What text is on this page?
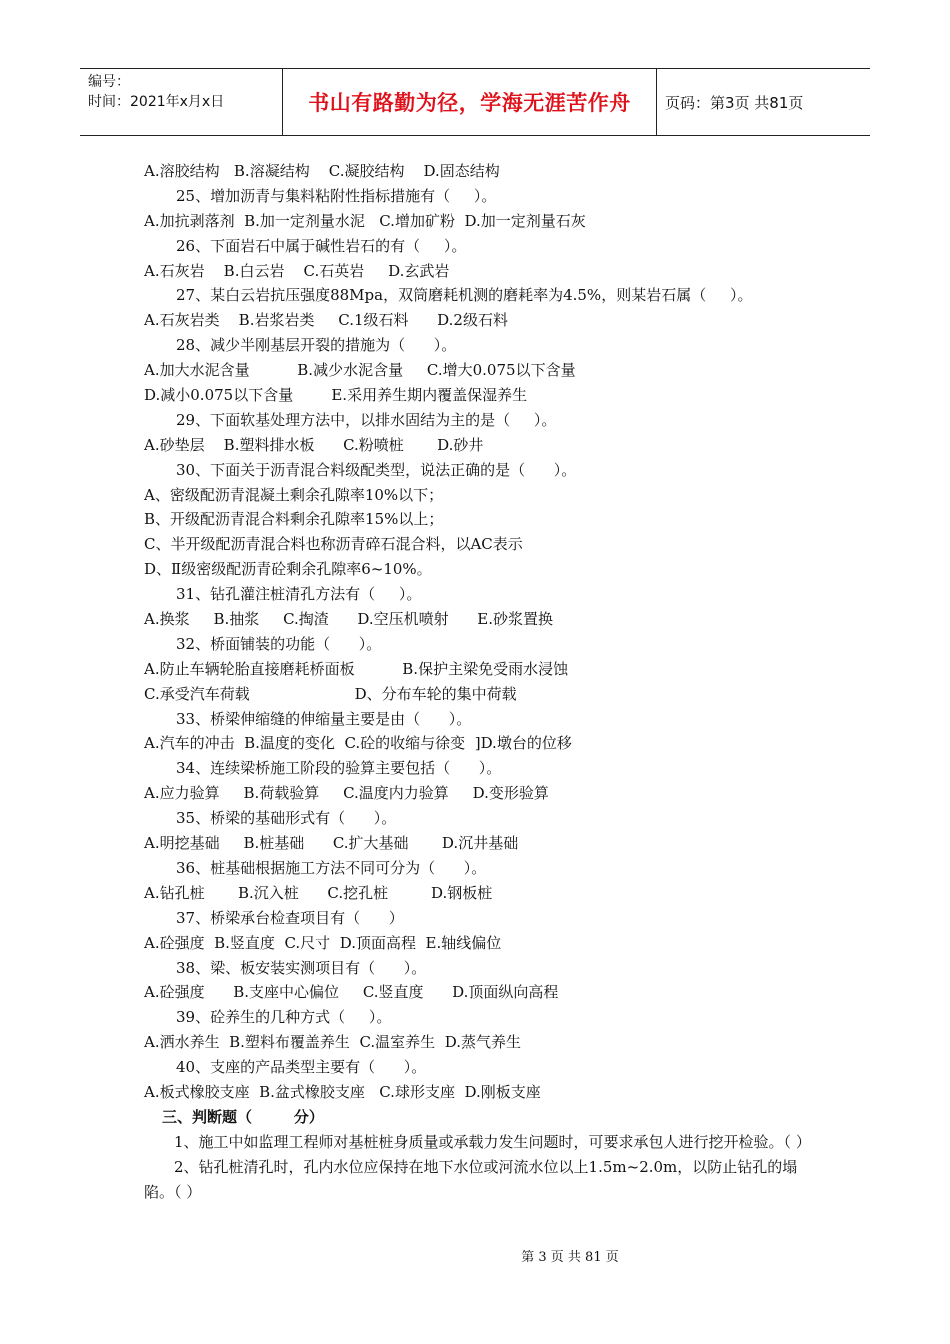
编号：
时间：2021年x月x日	书山有路勤为径，学海无涯苦作舟	页码：第3页 共81页
A.溶胶结构   B.溶凝结构    C.凝胶结构    D.固态结构
25、增加沥青与集料粘附性指标措施有（     ）。
A.加抗剥落剂  B.加一定剂量水泥   C.增加矿粉  D.加一定剂量石灰
26、下面岩石中属于碱性岩石的有（     ）。
A.石灰岩    B.白云岩    C.石英岩     D.玄武岩
27、某白云岩抗压强度88Mpa，双筒磨耗机测的磨耗率为4.5%，则某岩石属（     ）。
A.石灰岩类    B.岩浆岩类     C.1级石料      D.2级石料
28、减少半刚基层开裂的措施为（      ）。
A.加大水泥含量          B.减少水泥含量     C.增大0.075以下含量
D.减小0.075以下含量        E.采用养生期内覆盖保湿养生
29、下面软基处理方法中，以排水固结为主的是（     ）。
A.砂垫层    B.塑料排水板      C.粉喷桩       D.砂井
30、下面关于沥青混合料级配类型，说法正确的是（      ）。
A、密级配沥青混凝土剩余孔隙率10%以下；
B、开级配沥青混合料剩余孔隙率15%以上；
C、半开级配沥青混合料也称沥青碎石混合料，以AC表示
D、Ⅱ级密级配沥青砼剩余孔隙率6~10%。
31、钻孔灌注桩清孔方法有（     ）。
A.换浆     B.抽浆     C.掏渣      D.空压机喷射      E.砂浆置换
32、桥面铺装的功能（      ）。
A.防止车辆轮胎直接磨耗桥面板          B.保护主梁免受雨水浸蚀
C.承受汽车荷载                      D、分布车轮的集中荷载
33、桥梁伸缩缝的伸缩量主要是由（      ）。
A.汽车的冲击  B.温度的变化  C.砼的收缩与徐变  ]D.墩台的位移
34、连续梁桥施工阶段的验算主要包括（      ）。
A.应力验算     B.荷载验算     C.温度内力验算     D.变形验算
35、桥梁的基础形式有（      ）。
A.明挖基础     B.桩基础      C.扩大基础       D.沉井基础
36、桩基础根据施工方法不同可分为（      ）。
A.钻孔桩       B.沉入桩      C.挖孔桩         D.钢板桩
37、桥梁承台检查项目有（      ）
A.砼强度  B.竖直度  C.尺寸  D.顶面高程  E.轴线偏位
38、梁、板安装实测项目有（      ）。
A.砼强度      B.支座中心偏位     C.竖直度      D.顶面纵向高程
39、砼养生的几种方式（     ）。
A.洒水养生  B.塑料布覆盖养生  C.温室养生  D.蒸气养生
40、支座的产品类型主要有（      ）。
A.板式橡胶支座  B.盆式橡胶支座   C.球形支座  D.刚板支座
三、判断题（        分）
1、施工中如监理工程师对基桩桩身质量或承载力发生问题时，可要求承包人进行挖开检验。（ ）
2、钻孔桩清孔时，孔内水位应保持在地下水位或河流水位以上1.5m~2.0m，以防止钻孔的塌陷。（ ）
第 3 页 共 81 页
